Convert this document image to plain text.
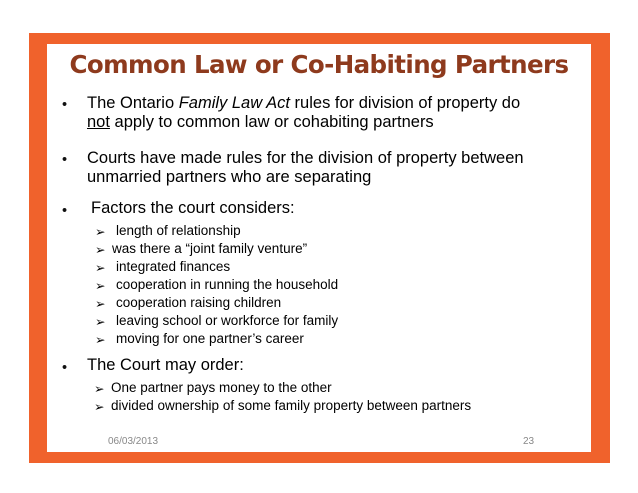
Common Law or Co-Habiting Partners
• The Ontario Family Law Act rules for division of property do
not apply to common law or cohabiting partners
• Courts have made rules for the division of property between
unmarried partners who are separating
• Factors the court considers:
➢ length of relationship
➢ was there a “joint family venture”
➢ integrated finances
➢ cooperation in running the household
➢ cooperation raising children
➢ leaving school or workforce for family
➢ moving for one partner’s career
• The Court may order:
➢ One partner pays money to the other
➢ divided ownership of some family property between partners
06/03/2013	23
